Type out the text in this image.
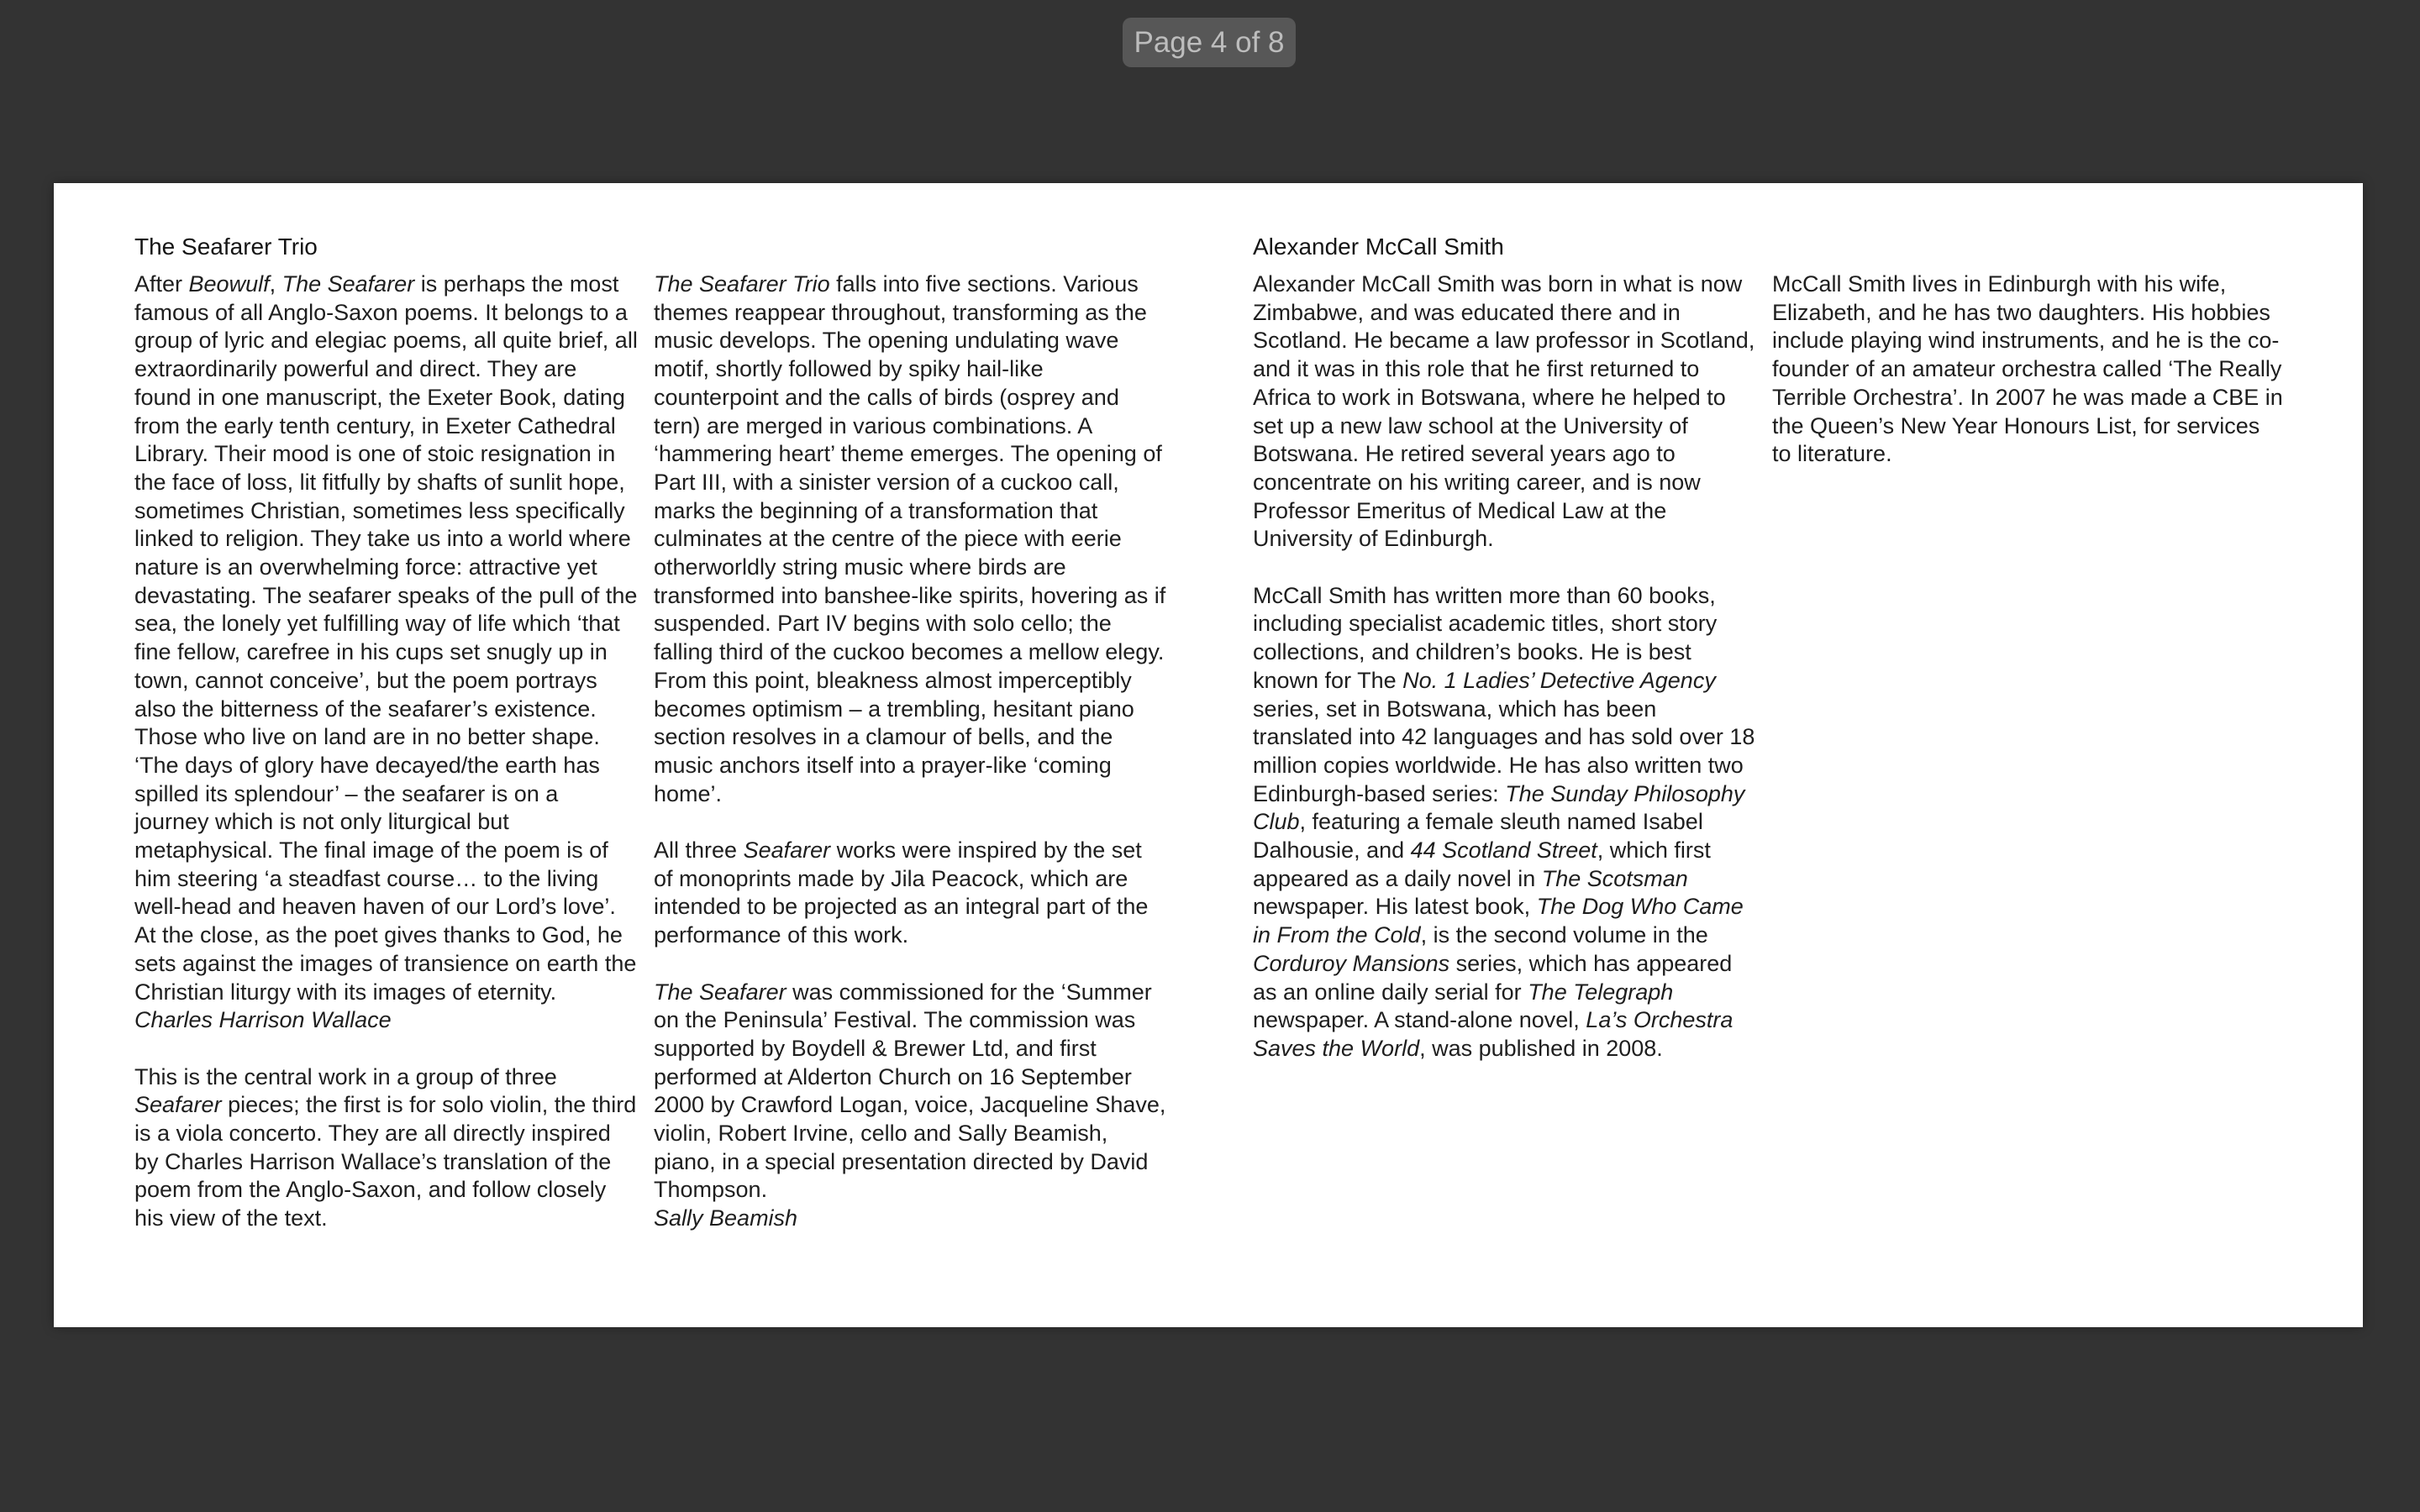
Page 4 of 8
The Seafarer Trio

After Beowulf, The Seafarer is perhaps the most famous of all Anglo-Saxon poems. It belongs to a group of lyric and elegiac poems, all quite brief, all extraordinarily powerful and direct. They are found in one manuscript, the Exeter Book, dating from the early tenth century, in Exeter Cathedral Library. Their mood is one of stoic resignation in the face of loss, lit fitfully by shafts of sunlit hope, sometimes Christian, sometimes less specifically linked to religion. They take us into a world where nature is an overwhelming force: attractive yet devastating. The seafarer speaks of the pull of the sea, the lonely yet fulfilling way of life which ‘that fine fellow, carefree in his cups set snugly up in town, cannot conceive’, but the poem portrays also the bitterness of the seafarer’s existence. Those who live on land are in no better shape. ‘The days of glory have decayed/the earth has spilled its splendour’ – the seafarer is on a journey which is not only liturgical but metaphysical. The final image of the poem is of him steering ‘a steadfast course… to the living well-head and heaven haven of our Lord’s love’. At the close, as the poet gives thanks to God, he sets against the images of transience on earth the Christian liturgy with its images of eternity.
Charles Harrison Wallace

This is the central work in a group of three Seafarer pieces; the first is for solo violin, the third is a viola concerto. They are all directly inspired by Charles Harrison Wallace’s translation of the poem from the Anglo-Saxon, and follow closely his view of the text.

The Seafarer Trio falls into five sections. Various themes reappear throughout, transforming as the music develops. The opening undulating wave motif, shortly followed by spiky hail-like counterpoint and the calls of birds (osprey and tern) are merged in various combinations. A ‘hammering heart’ theme emerges. The opening of Part III, with a sinister version of a cuckoo call, marks the beginning of a transformation that culminates at the centre of the piece with eerie otherworldly string music where birds are transformed into banshee-like spirits, hovering as if suspended. Part IV begins with solo cello; the falling third of the cuckoo becomes a mellow elegy. From this point, bleakness almost imperceptibly becomes optimism – a trembling, hesitant piano section resolves in a clamour of bells, and the music anchors itself into a prayer-like ‘coming home’.

All three Seafarer works were inspired by the set of monoprints made by Jila Peacock, which are intended to be projected as an integral part of the performance of this work.

The Seafarer was commissioned for the ‘Summer on the Peninsula’ Festival. The commission was supported by Boydell & Brewer Ltd, and first performed at Alderton Church on 16 September 2000 by Crawford Logan, voice, Jacqueline Shave, violin, Robert Irvine, cello and Sally Beamish, piano, in a special presentation directed by David Thompson.
Sally Beamish

Alexander McCall Smith

Alexander McCall Smith was born in what is now Zimbabwe, and was educated there and in Scotland. He became a law professor in Scotland, and it was in this role that he first returned to Africa to work in Botswana, where he helped to set up a new law school at the University of Botswana. He retired several years ago to concentrate on his writing career, and is now Professor Emeritus of Medical Law at the University of Edinburgh.

McCall Smith has written more than 60 books, including specialist academic titles, short story collections, and children’s books. He is best known for The No. 1 Ladies’ Detective Agency series, set in Botswana, which has been translated into 42 languages and has sold over 18 million copies worldwide. He has also written two Edinburgh-based series: The Sunday Philosophy Club, featuring a female sleuth named Isabel Dalhousie, and 44 Scotland Street, which first appeared as a daily novel in The Scotsman newspaper. His latest book, The Dog Who Came in From the Cold, is the second volume in the Corduroy Mansions series, which has appeared as an online daily serial for The Telegraph newspaper. A stand-alone novel, La’s Orchestra Saves the World, was published in 2008.

McCall Smith lives in Edinburgh with his wife, Elizabeth, and he has two daughters. His hobbies include playing wind instruments, and he is the co-founder of an amateur orchestra called ‘The Really Terrible Orchestra’. In 2007 he was made a CBE in the Queen’s New Year Honours List, for services to literature.
